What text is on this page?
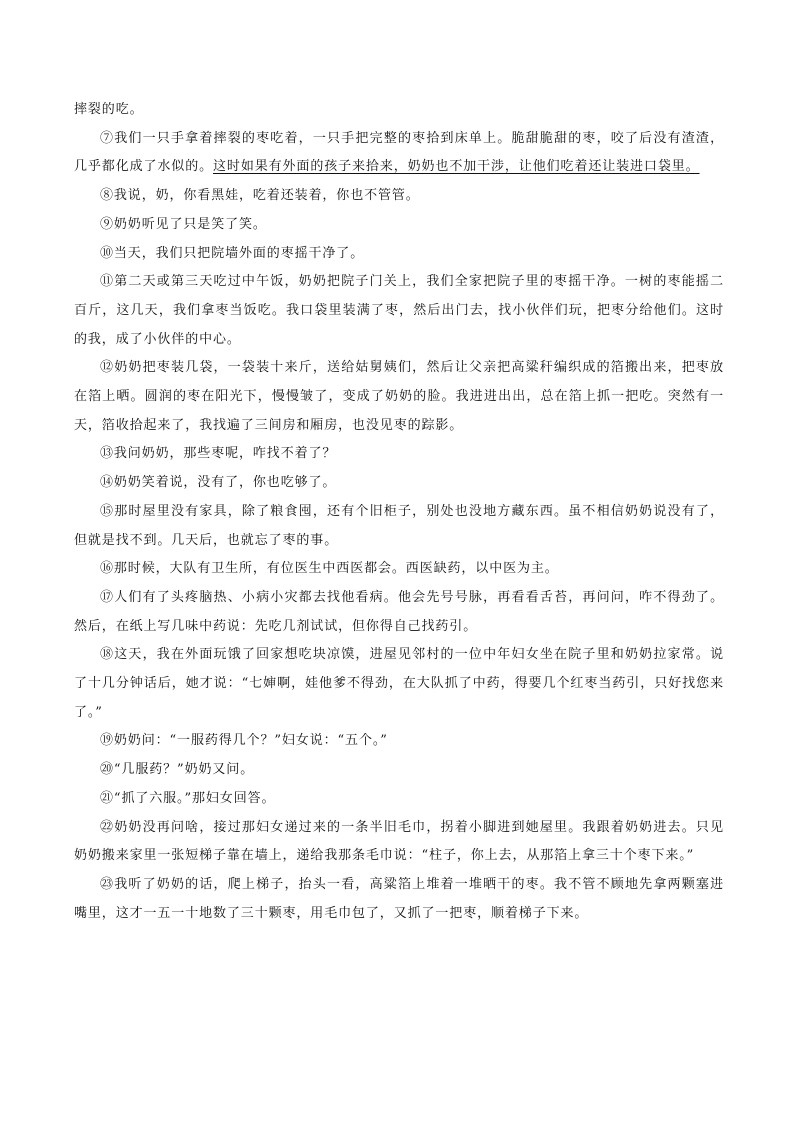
摔裂的吃。

⑦我们一只手拿着摔裂的枣吃着，一只手把完整的枣拾到床单上。脆甜脆甜的枣，咬了后没有渣渣，几乎都化成了水似的。这时如果有外面的孩子来拾来，奶奶也不加干涉，让他们吃着还让装进口袋里。

⑧我说，奶，你看黑娃，吃着还装着，你也不管管。

⑨奶奶听见了只是笑了笑。

⑩当天，我们只把院墙外面的枣摇干净了。

⑪第二天或第三天吃过中午饭，奶奶把院子门关上，我们全家把院子里的枣摇干净。一树的枣能摇二百斤，这几天，我们拿枣当饭吃。我口袋里装满了枣，然后出门去，找小伙伴们玩，把枣分给他们。这时的我，成了小伙伴的中心。

⑫奶奶把枣装几袋，一袋装十来斤，送给姑舅姨们，然后让父亲把高粱秆编织成的箔搬出来，把枣放在箔上晒。圆润的枣在阳光下，慢慢皱了，变成了奶奶的脸。我进进出出，总在箔上抓一把吃。突然有一天，箔收拾起来了，我找遍了三间房和厢房，也没见枣的踪影。

⑬我问奶奶，那些枣呢，咋找不着了？

⑭奶奶笑着说，没有了，你也吃够了。

⑮那时屋里没有家具，除了粮食囤，还有个旧柜子，别处也没地方藏东西。虽不相信奶奶说没有了，但就是找不到。几天后，也就忘了枣的事。

⑯那时候，大队有卫生所，有位医生中西医都会。西医缺药，以中医为主。

⑰人们有了头疼脑热、小病小灾都去找他看病。他会先号号脉，再看看舌苔，再问问，咋不得劲了。然后，在纸上写几味中药说：先吃几剂试试，但你得自己找药引。

⑱这天，我在外面玩饿了回家想吃块凉馍，进屋见邻村的一位中年妇女坐在院子里和奶奶拉家常。说了十几分钟话后，她才说：“七婶啊，娃他爹不得劲，在大队抓了中药，得要几个红枣当药引，只好找您来了。”

⑲奶奶问：“一服药得几个？”妇女说：“五个。”

⑳“几服药？”奶奶又问。

㉑“抓了六服。”那妇女回答。

㉒奶奶没再问啥，接过那妇女递过来的一条半旧毛巾，拐着小脚进到她屋里。我跟着奶奶进去。只见奶奶搬来家里一张短梯子靠在墙上，递给我那条毛巾说：“柱子，你上去，从那箔上拿三十个枣下来。”

㉓我听了奶奶的话，爬上梯子，抬头一看，高粱箔上堆着一堆晒干的枣。我不管不顾地先拿两颗塞进嘴里，这才一五一十地数了三十颗枣，用毛巾包了，又抓了一把枣，顺着梯子下来。
